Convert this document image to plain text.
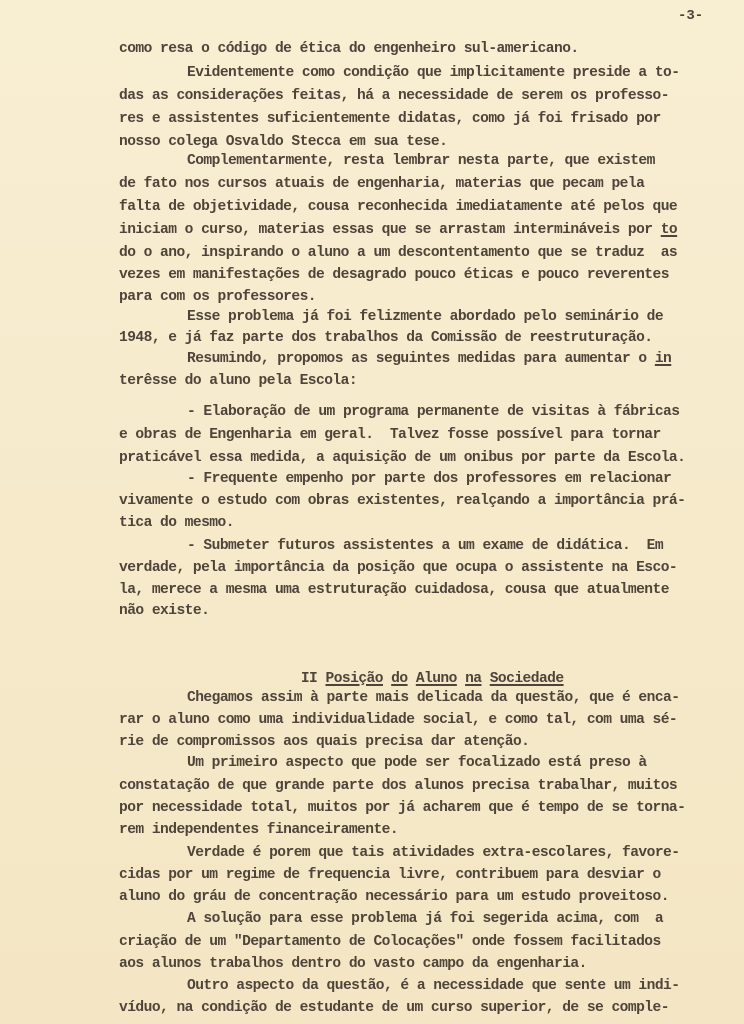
-3-
como resa o código de ética do engenheiro sul-americano.
Evidentemente como condição que implicitamente preside a to-
das as considerações feitas, há a necessidade de serem os professo-
res e assistentes suficientemente didatas, como já foi frisado por
nosso colega Osvaldo Stecca em sua tese.
Complementarmente, resta lembrar nesta parte, que existem
de fato nos cursos atuais de engenharia, materias que pecam pela
falta de objetividade, cousa reconhecida imediatamente até pelos que
iniciam o curso, materias essas que se arrastam intermináveis por to
do o ano, inspirando o aluno a um descontentamento que se traduz  as
vezes em manifestações de desagrado pouco éticas e pouco reverentes
para com os professores.
Esse problema já foi felizmente abordado pelo seminário de
1948, e já faz parte dos trabalhos da Comissão de reestruturação.
Resumindo, propomos as seguintes medidas para aumentar o in
terêsse do aluno pela Escola:
- Elaboração de um programa permanente de visitas à fábricas
e obras de Engenharia em geral.  Talvez fosse possível para tornar
praticável essa medida, a aquisição de um onibus por parte da Escola.
- Frequente empenho por parte dos professores em relacionar
vivamente o estudo com obras existentes, realçando a importância prá-
tica do mesmo.
- Submeter futuros assistentes a um exame de didática.  Em
verdade, pela importância da posição que ocupa o assistente na Esco-
la, merece a mesma uma estruturação cuidadosa, cousa que atualmente
não existe.

II Posição do Aluno na Sociedade

Chegamos assim à parte mais delicada da questão, que é enca-
rar o aluno como uma individualidade social, e como tal, com uma sé-
rie de compromissos aos quais precisa dar atenção.
Um primeiro aspecto que pode ser focalizado está preso à
constatação de que grande parte dos alunos precisa trabalhar, muitos
por necessidade total, muitos por já acharem que é tempo de se torna-
rem independentes financeiramente.
Verdade é porem que tais atividades extra-escolares, favore-
cidas por um regime de frequencia livre, contribuem para desviar o
aluno do gráu de concentração necessário para um estudo proveitoso.
A solução para esse problema já foi segerida acima, com  a
criação de um "Departamento de Colocações" onde fossem facilitados
aos alunos trabalhos dentro do vasto campo da engenharia.
Outro aspecto da questão, é a necessidade que sente um indi-
víduo, na condição de estudante de um curso superior, de se comple-
